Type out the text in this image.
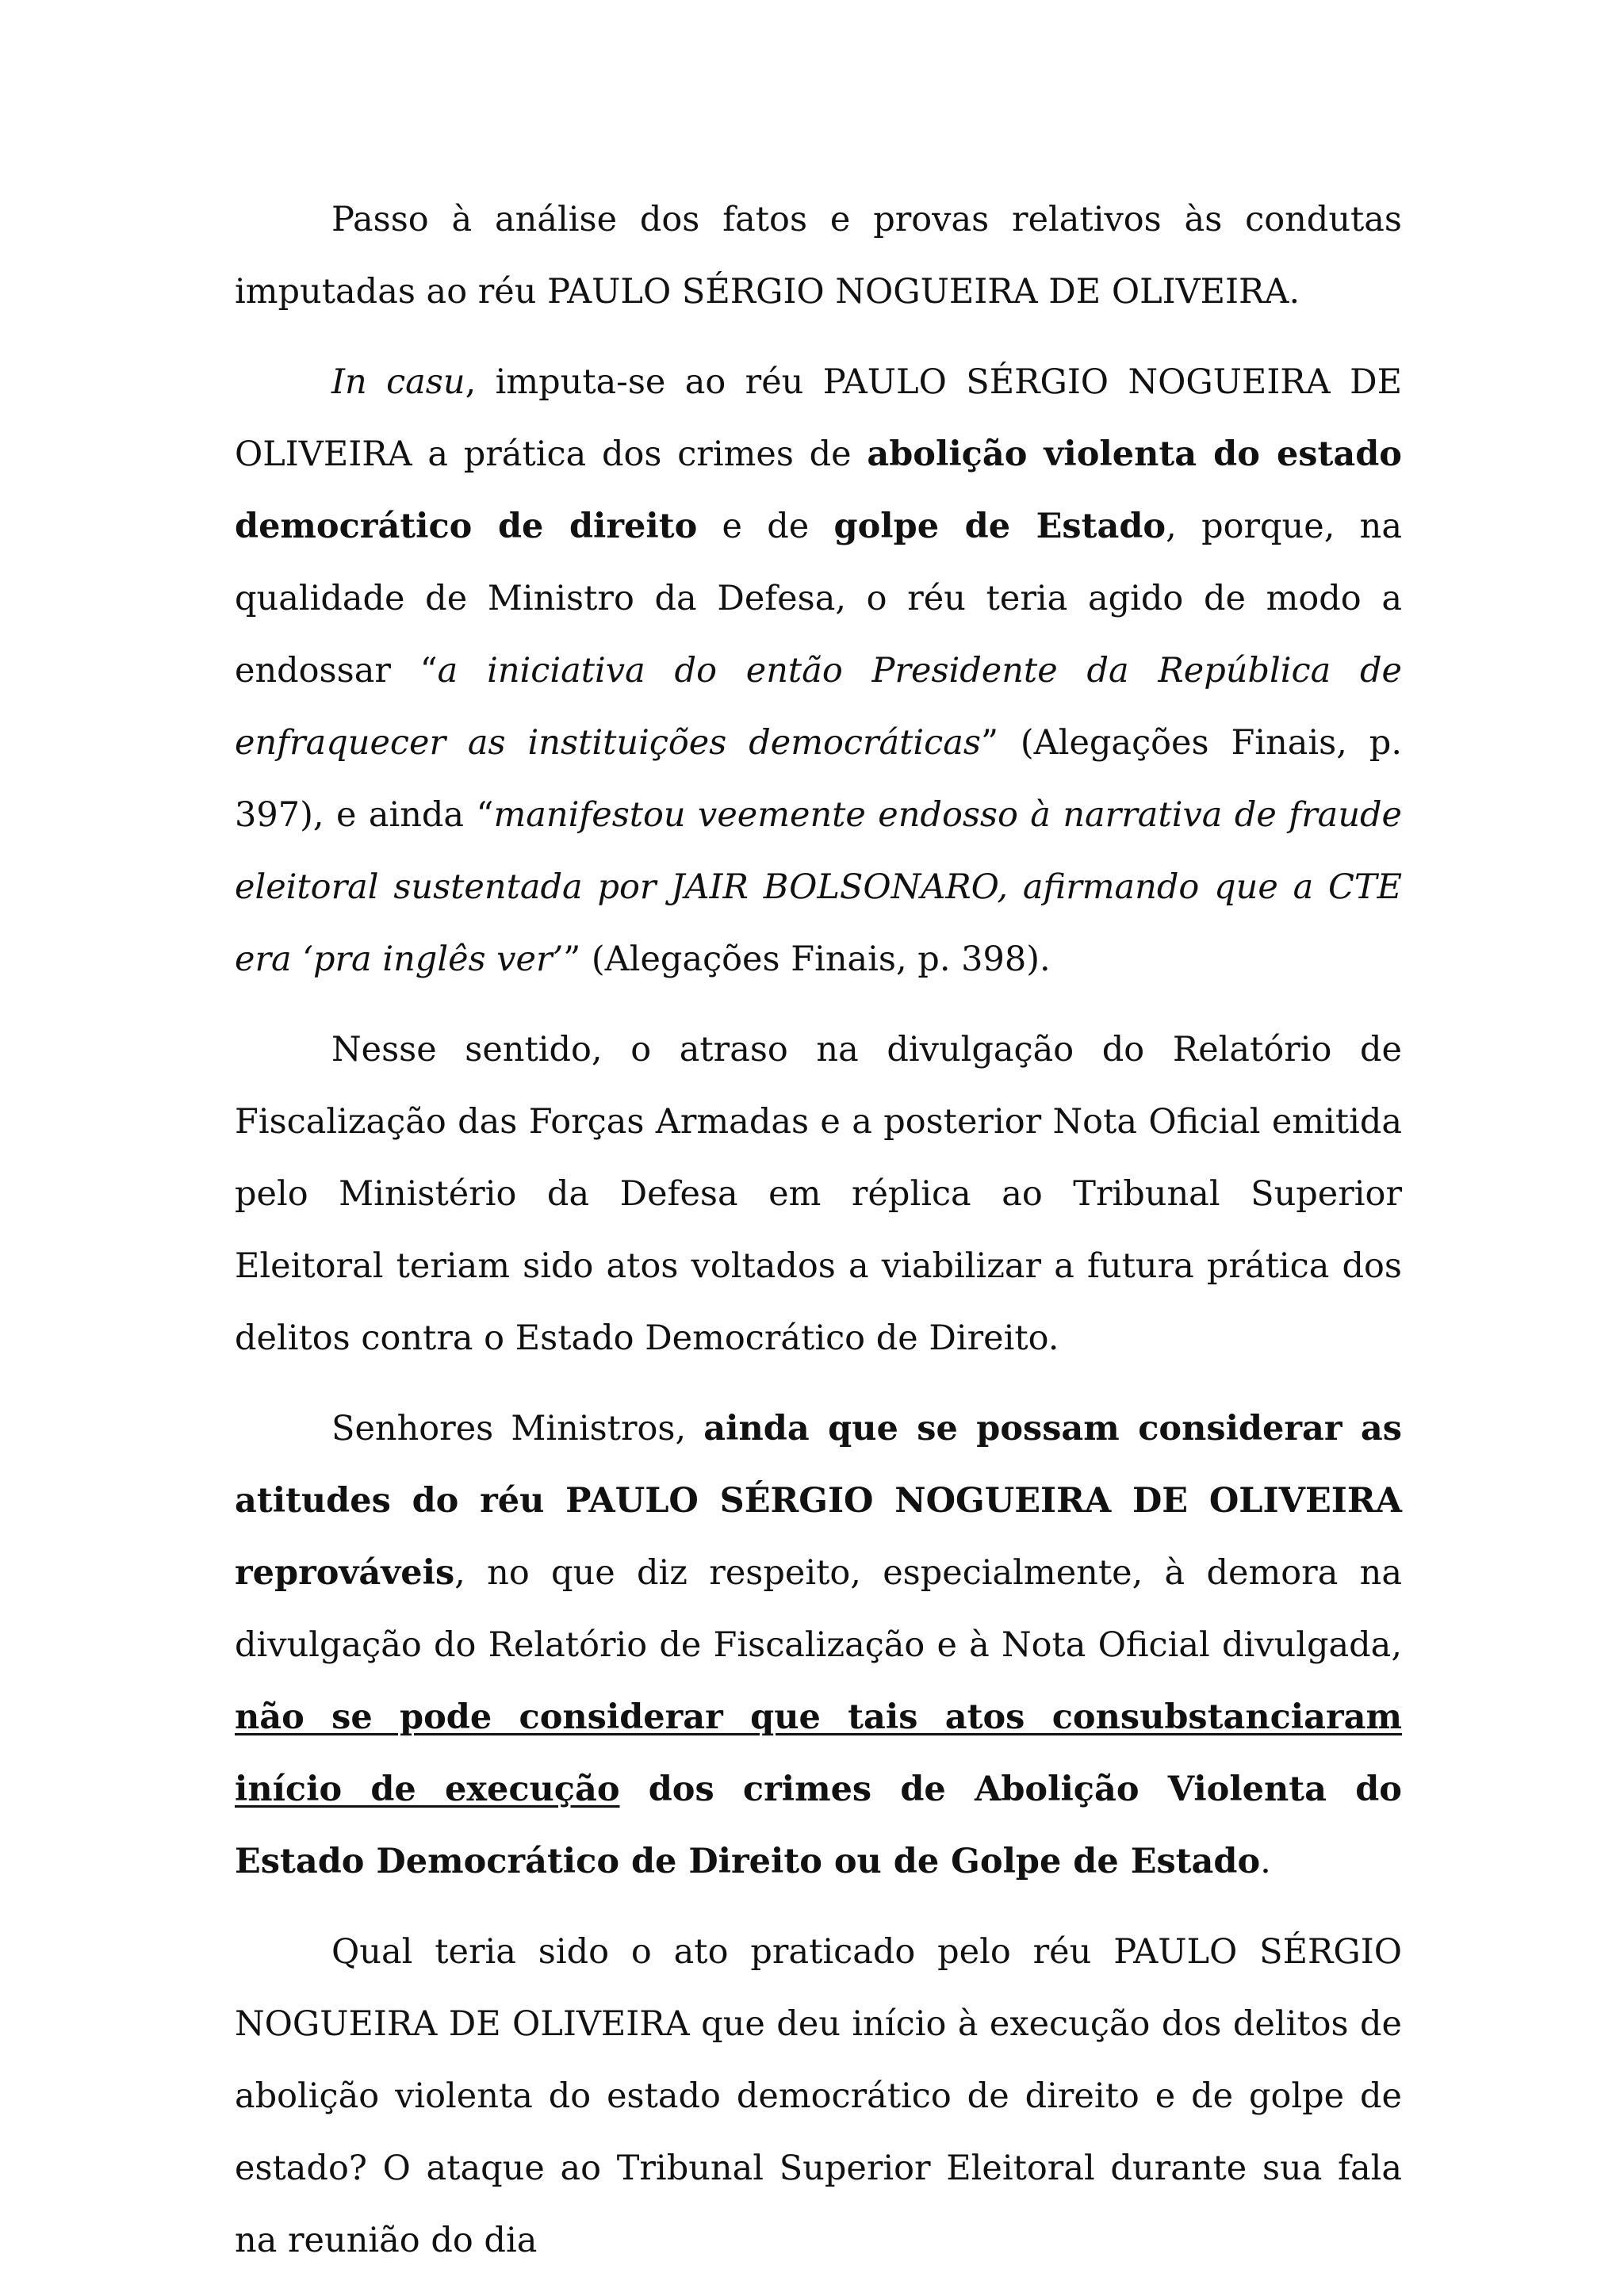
Passo à análise dos fatos e provas relativos às condutas imputadas ao réu PAULO SÉRGIO NOGUEIRA DE OLIVEIRA.

In casu, imputa-se ao réu PAULO SÉRGIO NOGUEIRA DE OLIVEIRA a prática dos crimes de abolição violenta do estado democrático de direito e de golpe de Estado, porque, na qualidade de Ministro da Defesa, o réu teria agido de modo a endossar “a iniciativa do então Presidente da República de enfraquecer as instituições democráticas” (Alegações Finais, p. 397), e ainda “manifestou veemente endosso à narrativa de fraude eleitoral sustentada por JAIR BOLSONARO, afirmando que a CTE era ‘pra inglês ver’” (Alegações Finais, p. 398).

Nesse sentido, o atraso na divulgação do Relatório de Fiscalização das Forças Armadas e a posterior Nota Oficial emitida pelo Ministério da Defesa em réplica ao Tribunal Superior Eleitoral teriam sido atos voltados a viabilizar a futura prática dos delitos contra o Estado Democrático de Direito.

Senhores Ministros, ainda que se possam considerar as atitudes do réu PAULO SÉRGIO NOGUEIRA DE OLIVEIRA reprováveis, no que diz respeito, especialmente, à demora na divulgação do Relatório de Fiscalização e à Nota Oficial divulgada, não se pode considerar que tais atos consubstanciaram início de execução dos crimes de Abolição Violenta do Estado Democrático de Direito ou de Golpe de Estado.

Qual teria sido o ato praticado pelo réu PAULO SÉRGIO NOGUEIRA DE OLIVEIRA que deu início à execução dos delitos de abolição violenta do estado democrático de direito e de golpe de estado? O ataque ao Tribunal Superior Eleitoral durante sua fala na reunião do dia
